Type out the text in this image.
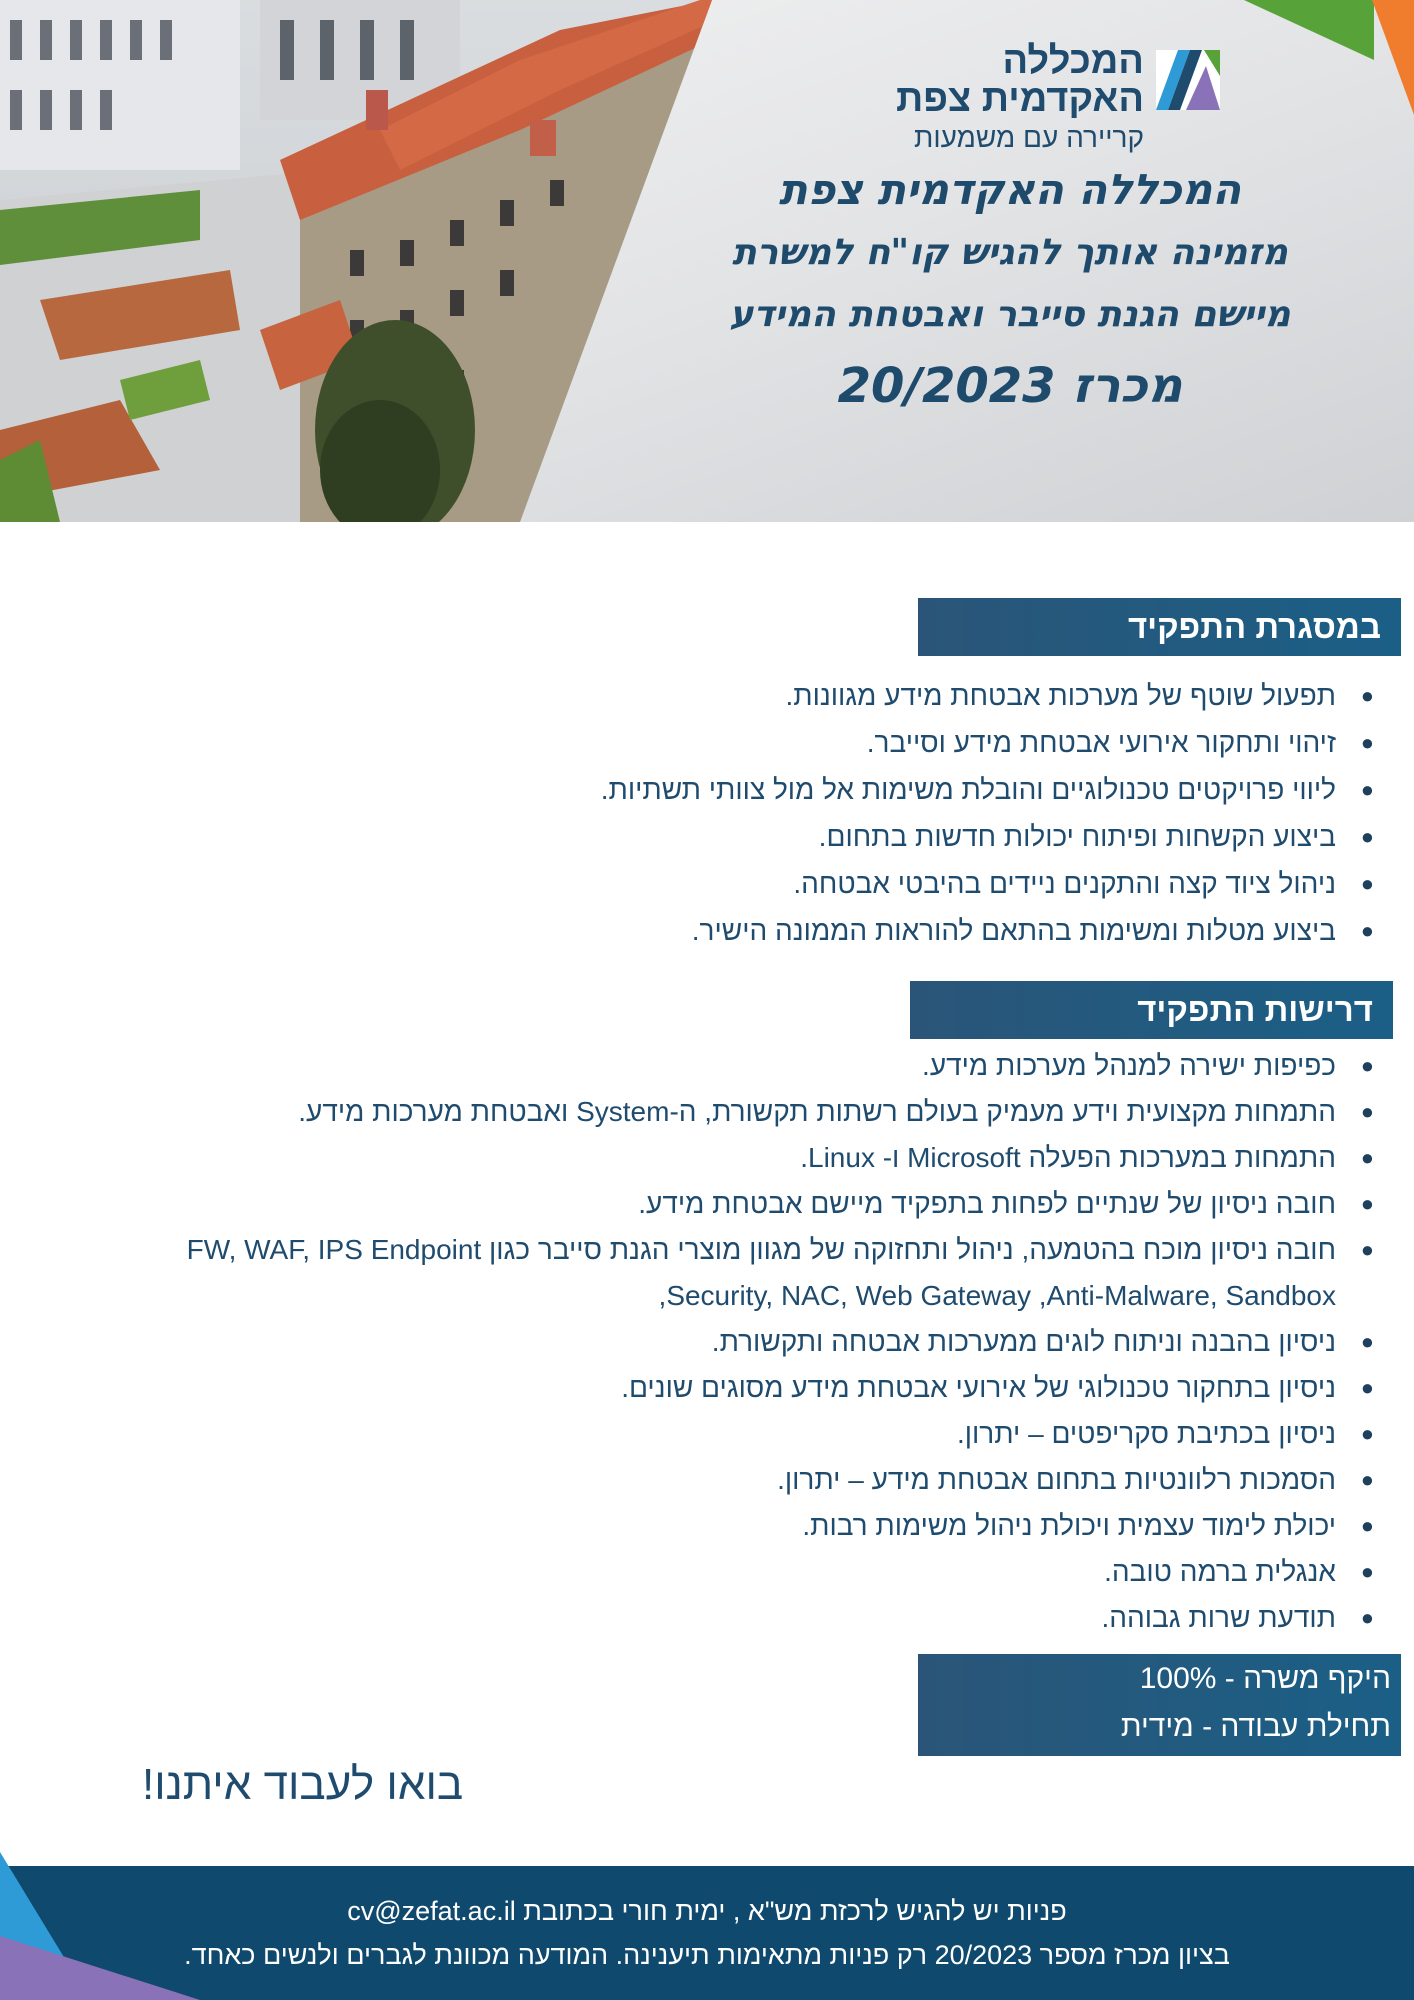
המכללה
האקדמית צפת
קריירה עם משמעות
המכללה האקדמית צפת
מזמינה אותך להגיש קו"ח למשרת
מיישם הגנת סייבר ואבטחת המידע
מכרז 20/2023
במסגרת התפקיד
●
תפעול שוטף של מערכות אבטחת מידע מגוונות.
●
זיהוי ותחקור אירועי אבטחת מידע וסייבר.
●
ליווי פרויקטים טכנולוגיים והובלת משימות אל מול צוותי תשתיות.
●
ביצוע הקשחות ופיתוח יכולות חדשות בתחום.
●
ניהול ציוד קצה והתקנים ניידים בהיבטי אבטחה.
●
ביצוע מטלות ומשימות בהתאם להוראות הממונה הישיר.
דרישות התפקיד
●
כפיפות ישירה למנהל מערכות מידע.
●
התמחות מקצועית וידע מעמיק בעולם רשתות תקשורת, ה-System ואבטחת מערכות מידע.
●
התמחות במערכות הפעלה Microsoft ו- Linux.
●
חובה ניסיון של שנתיים לפחות בתפקיד מיישם אבטחת מידע.
●
חובה ניסיון מוכח בהטמעה, ניהול ותחזוקה של מגוון מוצרי הגנת סייבר כגון FW, WAF, IPS Endpoint
Security, NAC, Web Gateway ,Anti-Malware, Sandbox,
●
ניסיון בהבנה וניתוח לוגים ממערכות אבטחה ותקשורת.
●
ניסיון בתחקור טכנולוגי של אירועי אבטחת מידע מסוגים שונים.
●
ניסיון בכתיבת סקריפטים – יתרון.
●
הסמכות רלוונטיות בתחום אבטחת מידע – יתרון.
●
יכולת לימוד עצמית ויכולת ניהול משימות רבות.
●
אנגלית ברמה טובה.
●
תודעת שרות גבוהה.
היקף משרה - 100%
תחילת עבודה - מידית
בואו לעבוד איתנו!
פניות יש להגיש לרכזת מש"א , ימית חורי בכתובת cv@zefat.ac.il
בציון מכרז מספר 20/2023 רק פניות מתאימות תיענינה. המודעה מכוונת לגברים ולנשים כאחד.
